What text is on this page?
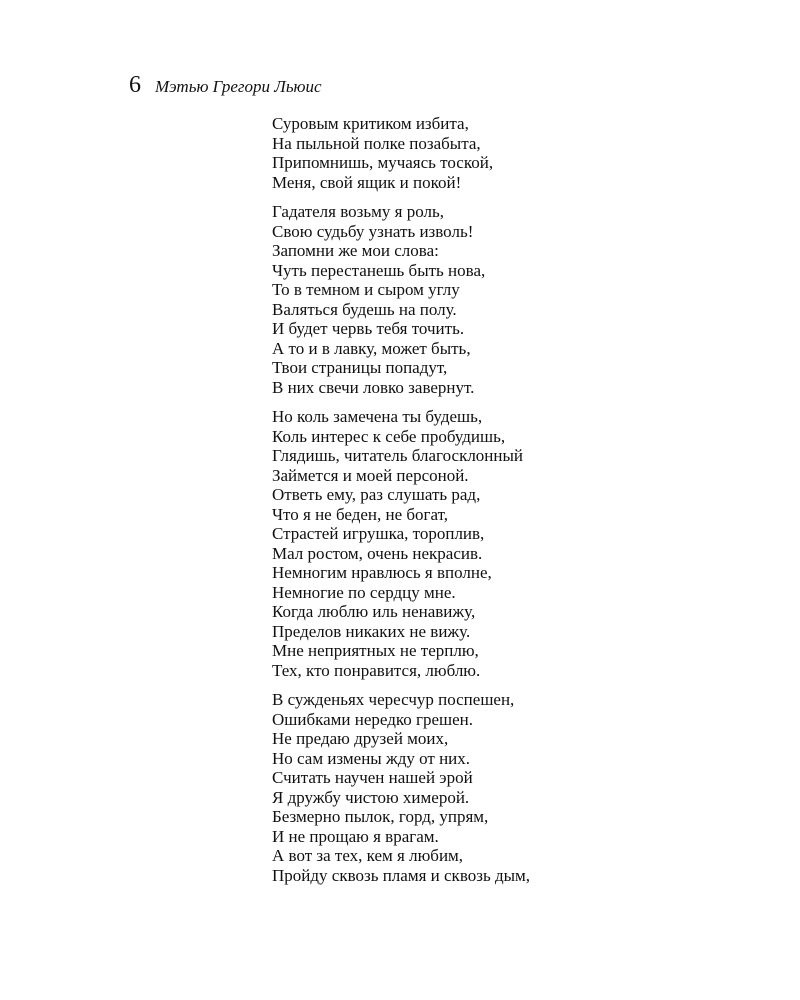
6 Мэтью Грегори Льюис
Суровым критиком избита,
На пыльной полке позабыта,
Припомнишь, мучаясь тоской,
Меня, свой ящик и покой!
Гадателя возьму я роль,
Свою судьбу узнать изволь!
Запомни же мои слова:
Чуть перестанешь быть нова,
То в темном и сыром углу
Валяться будешь на полу.
И будет червь тебя точить.
А то и в лавку, может быть,
Твои страницы попадут,
В них свечи ловко завернут.
Но коль замечена ты будешь,
Коль интерес к себе пробудишь,
Глядишь, читатель благосклонный
Займется и моей персоной.
Ответь ему, раз слушать рад,
Что я не беден, не богат,
Страстей игрушка, тороплив,
Мал ростом, очень некрасив.
Немногим нравлюсь я вполне,
Немногие по сердцу мне.
Когда люблю иль ненавижу,
Пределов никаких не вижу.
Мне неприятных не терплю,
Тех, кто понравится, люблю.
В сужденьях чересчур поспешен,
Ошибками нередко грешен.
Не предаю друзей моих,
Но сам измены жду от них.
Считать научен нашей эрой
Я дружбу чистою химерой.
Безмерно пылок, горд, упрям,
И не прощаю я врагам.
А вот за тех, кем я любим,
Пройду сквозь пламя и сквозь дым,
